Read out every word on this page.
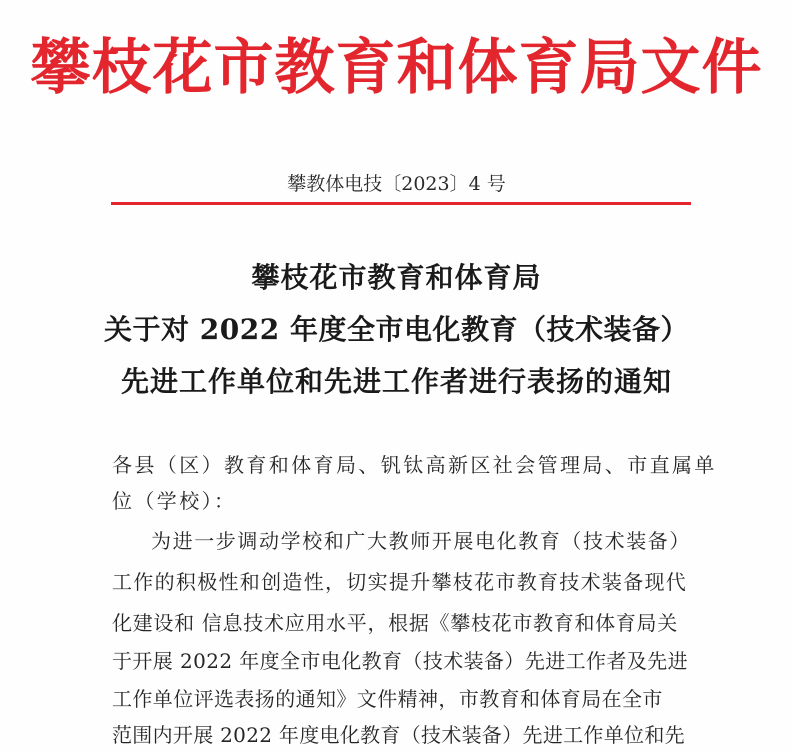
攀枝花市教育和体育局文件
攀教体电技〔2023〕4 号
攀枝花市教育和体育局
关于对 2022 年度全市电化教育（技术装备）
先进工作单位和先进工作者进行表扬的通知
各县（区）教育和体育局、钒钛高新区社会管理局、市直属单
位（学校）：
为进一步调动学校和广大教师开展电化教育（技术装备）
工作的积极性和创造性，切实提升攀枝花市教育技术装备现代
化建设和 信息技术应用水平，根据《攀枝花市教育和体育局关
于开展 2022 年度全市电化教育（技术装备）先进工作者及先进
工作单位评选表扬的通知》文件精神，市教育和体育局在全市
范围内开展 2022 年度电化教育（技术装备）先进工作单位和先
